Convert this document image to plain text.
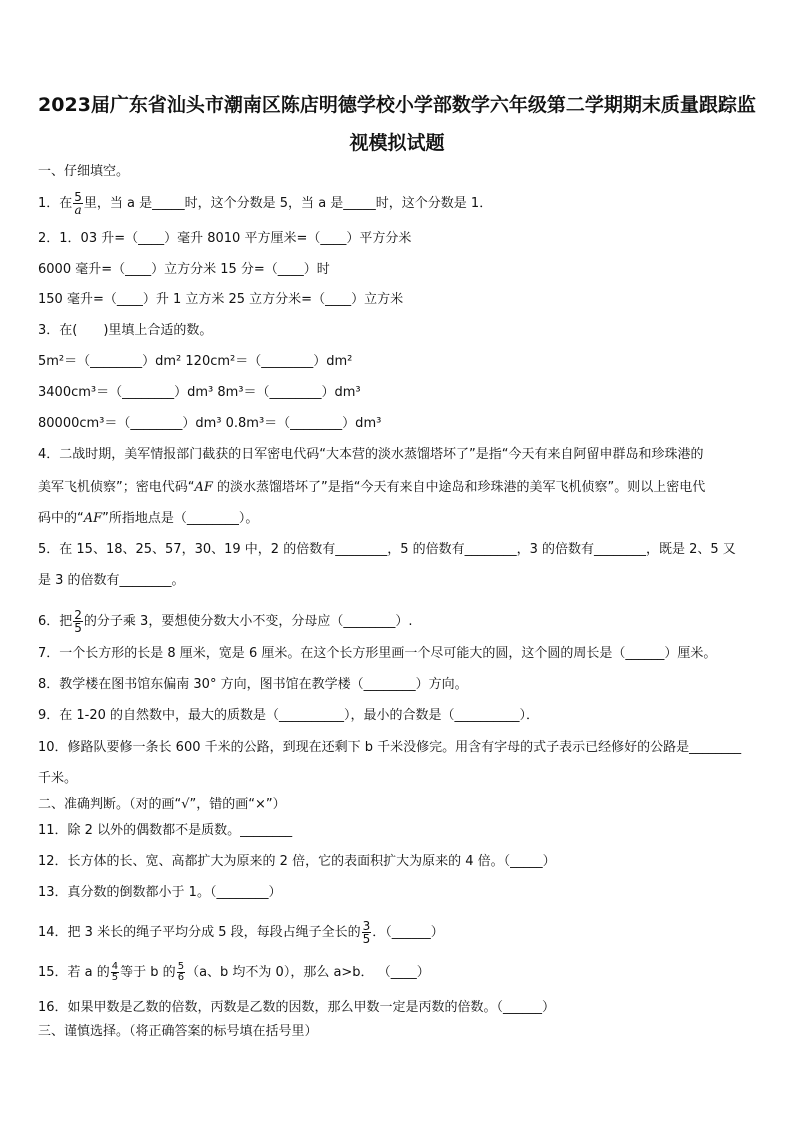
2023届广东省汕头市潮南区陈店明德学校小学部数学六年级第二学期期末质量跟踪监
视模拟试题
一、仔细填空。
1．在 $\frac{5}{a}$ 里，当 a 是_____时，这个分数是 5，当 a 是_____时，这个分数是 1．
2．1．03 升=（____）毫升 8010 平方厘米=（____）平方分米
6000 毫升=（____）立方分米 15 分=（____）时
150 毫升=（____）升 1 立方米 25 立方分米=（____）立方米
3．在(　　)里填上合适的数。
5m²＝（________）dm² 120cm²＝（________）dm²
3400cm³＝（________）dm³ 8m³＝（________）dm³
80000cm³＝（________）dm³ 0.8m³＝（________）dm³
4．二战时期，美军情报部门截获的日军密电代码“大本营的淡水蒸馏塔坏了”是指“今天有来自阿留申群岛和珍珠港的
美军飞机侦察”；密电代码“AF 的淡水蒸馏塔坏了”是指“今天有来自中途岛和珍珠港的美军飞机侦察”。则以上密电代
码中的“AF”所指地点是（________）。
5．在 15、18、25、57，30、19 中，2 的倍数有________，5 的倍数有________，3 的倍数有________，既是 2、5 又
是 3 的倍数有________。
6．把 $\frac{2}{5}$ 的分子乘 3，要想使分数大小不变，分母应（________）.
7．一个长方形的长是 8 厘米，宽是 6 厘米。在这个长方形里画一个尽可能大的圆，这个圆的周长是（______）厘米。
8．教学楼在图书馆东偏南 30° 方向，图书馆在教学楼（________）方向。
9．在 1-20 的自然数中，最大的质数是（__________），最小的合数是（__________）．
10．修路队要修一条长 600 千米的公路，到现在还剩下 b 千米没修完。用含有字母的式子表示已经修好的公路是________
千米。
二、准确判断。（对的画“√”，错的画“×”）
11．除 2 以外的偶数都不是质数。________
12．长方体的长、宽、高都扩大为原来的 2 倍，它的表面积扩大为原来的 4 倍。（_____）
13．真分数的倒数都小于 1。（________）
14．把 3 米长的绳子平均分成 5 段，每段占绳子全长的 $\frac{3}{5}$ ．（______）
15．若 a 的 $\frac{4}{5}$ 等于 b 的 $\frac{5}{6} (a$、b 均不为 0），那么 a>b． （____）
16．如果甲数是乙数的倍数，丙数是乙数的因数，那么甲数一定是丙数的倍数。（______）
三、谨慎选择。（将正确答案的标号填在括号里）
